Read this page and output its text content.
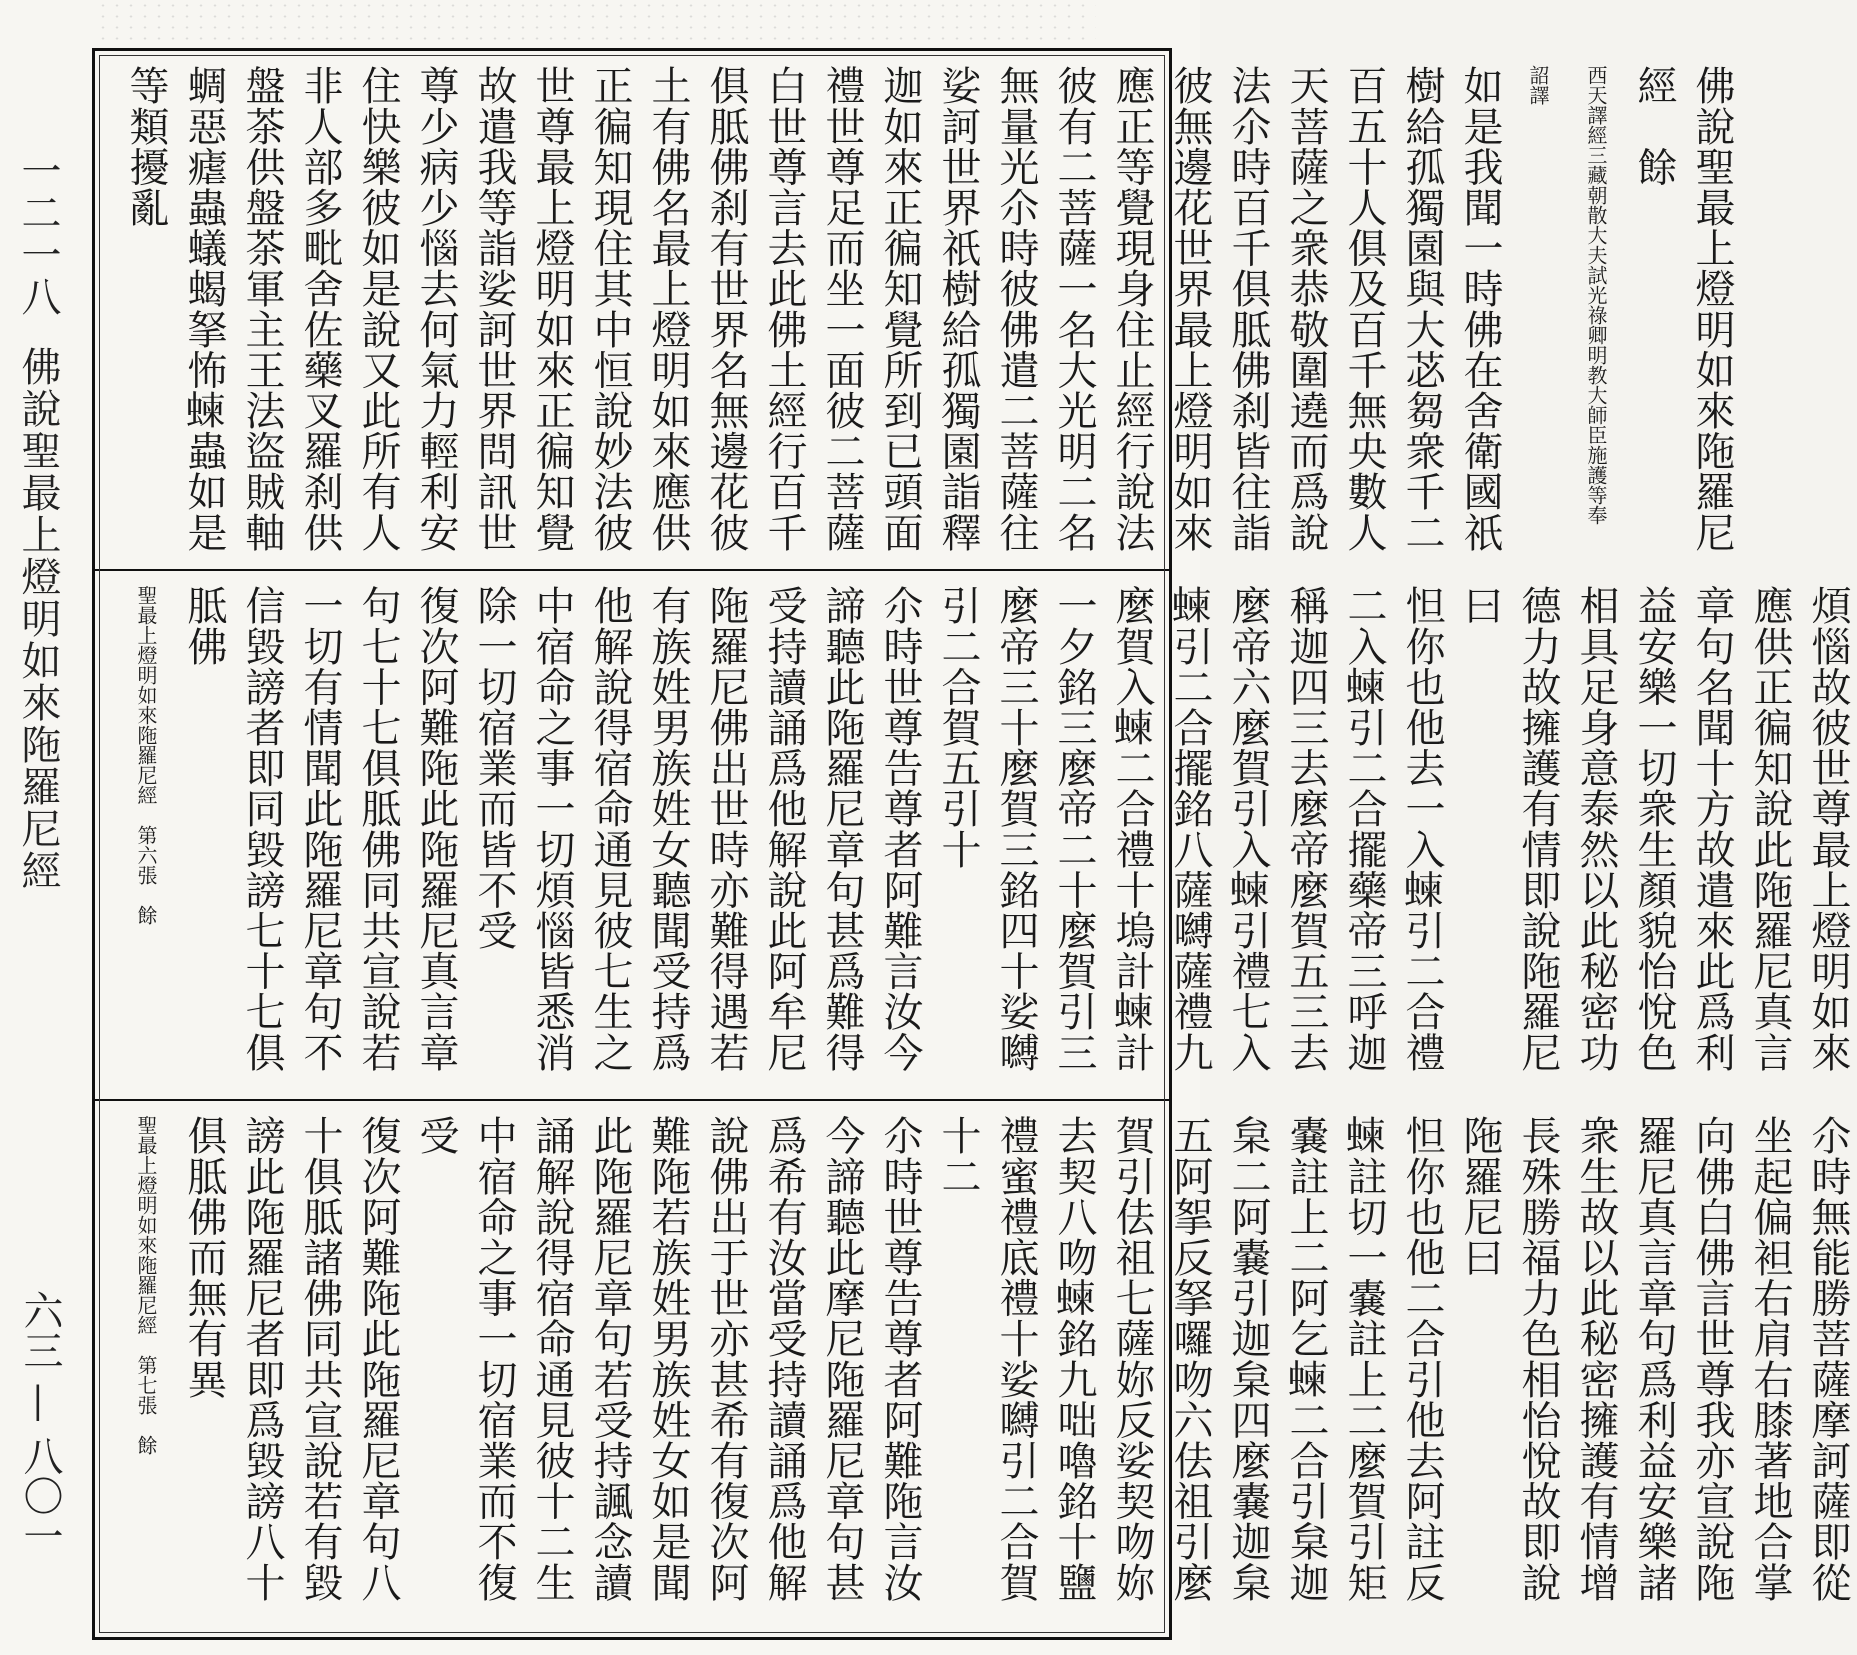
一二一八佛說聖最上燈明如來陁羅尼經
六三 — 八〇一
佛說聖最上燈明如來陁羅尼經　餘
西天譯經三藏朝散大夫試光祿卿明教大師臣施護等奉　詔譯
如是我聞一時佛在舍衛國祇樹給孤獨園與大苾芻衆千二百五十人俱及百千無央數人天菩薩之衆恭敬圍遶而爲說法尒時百千俱胝佛刹皆往詣彼無邊花世界最上燈明如來應正等覺現身住止經行說法彼有二菩薩一名大光明二名無量光尒時彼佛遣二菩薩往娑訶世界祇樹給孤獨園詣釋迦如來正徧知覺所到已頭面禮世尊足而坐一面彼二菩薩白世尊言去此佛土經行百千俱胝佛刹有世界名無邊花彼土有佛名最上燈明如來應供正徧知現住其中恒說妙法彼世尊最上燈明如來正徧知覺故遣我等詣娑訶世界問訊世尊少病少惱去何氣力輕利安住快樂彼如是說又此所有人非人部多毗舍佐藥叉羅刹供盤茶供盤茶軍主王法盜賊軸蜩惡瘧蟲蟻蝎拏怖𧍴蟲如是等類擾亂
煩惱故彼世尊最上燈明如來應供正徧知說此陁羅尼真言章句名聞十方故遣來此爲利益安樂一切衆生顏貌怡悅色相具足身意泰然以此秘密功德力故擁護有情即說陁羅尼曰
怛你也他去一入𧍴引二合禮二入𧍴引二合擺藥帝三呼迦稱迦四三去麼帝麼賀五三去麼帝六麼賀引入𧍴引禮七入𧍴引二合擺銘八薩嚩薩禮九麼賀入𧍴二合禮十塢計𧍴計一夕銘三麼帝二十麼賀引三麼帝三十麼賀三銘四十娑嚩引二合賀五引十
尒時世尊告尊者阿難言汝今諦聽此陁羅尼章句甚爲難得受持讀誦爲他解說此阿牟尼陁羅尼佛出世時亦難得遇若有族姓男族姓女聽聞受持爲他解說得宿命通見彼七生之中宿命之事一切煩惱皆悉消除一切宿業而皆不受
復次阿難陁此陁羅尼真言章句七十七俱胝佛同共宣說若一切有情聞此陁羅尼章句不信毀謗者即同毀謗七十七俱胝佛
聖最上燈明如來陁羅尼經　第六張　餘
尒時無能勝菩薩摩訶薩即從坐起偏袒右肩右膝著地合掌向佛白佛言世尊我亦宣說陁羅尼真言章句爲利益安樂諸衆生故以此秘密擁護有情增長殊勝福力色相怡悅故即說陁羅尼曰
怛你也他二合引他去阿註反𧍴註切一嚢註上二麼賀引矩嚢註上二阿乞𧍴二合引枲迦枲二阿嚢引迦枲四麼嚢迦枲五阿挐反拏囉吻六佉祖引麼賀引佉祖七薩妳反娑契吻妳去契八吻𧍴銘九咄嚕銘十鹽禮蜜禮底禮十娑嚩引二合賀十二
尒時世尊告尊者阿難陁言汝今諦聽此摩尼陁羅尼章句甚爲希有汝當受持讀誦爲他解說佛出于世亦甚希有復次阿難陁若族姓男族姓女如是聞此陁羅尼章句若受持諷念讀誦解說得宿命通見彼十二生中宿命之事一切宿業而不復受
復次阿難陁此陁羅尼章句八十俱胝諸佛同共宣說若有毀謗此陁羅尼者即爲毀謗八十俱胝佛而無有異
聖最上燈明如來陁羅尼經　第七張　餘
